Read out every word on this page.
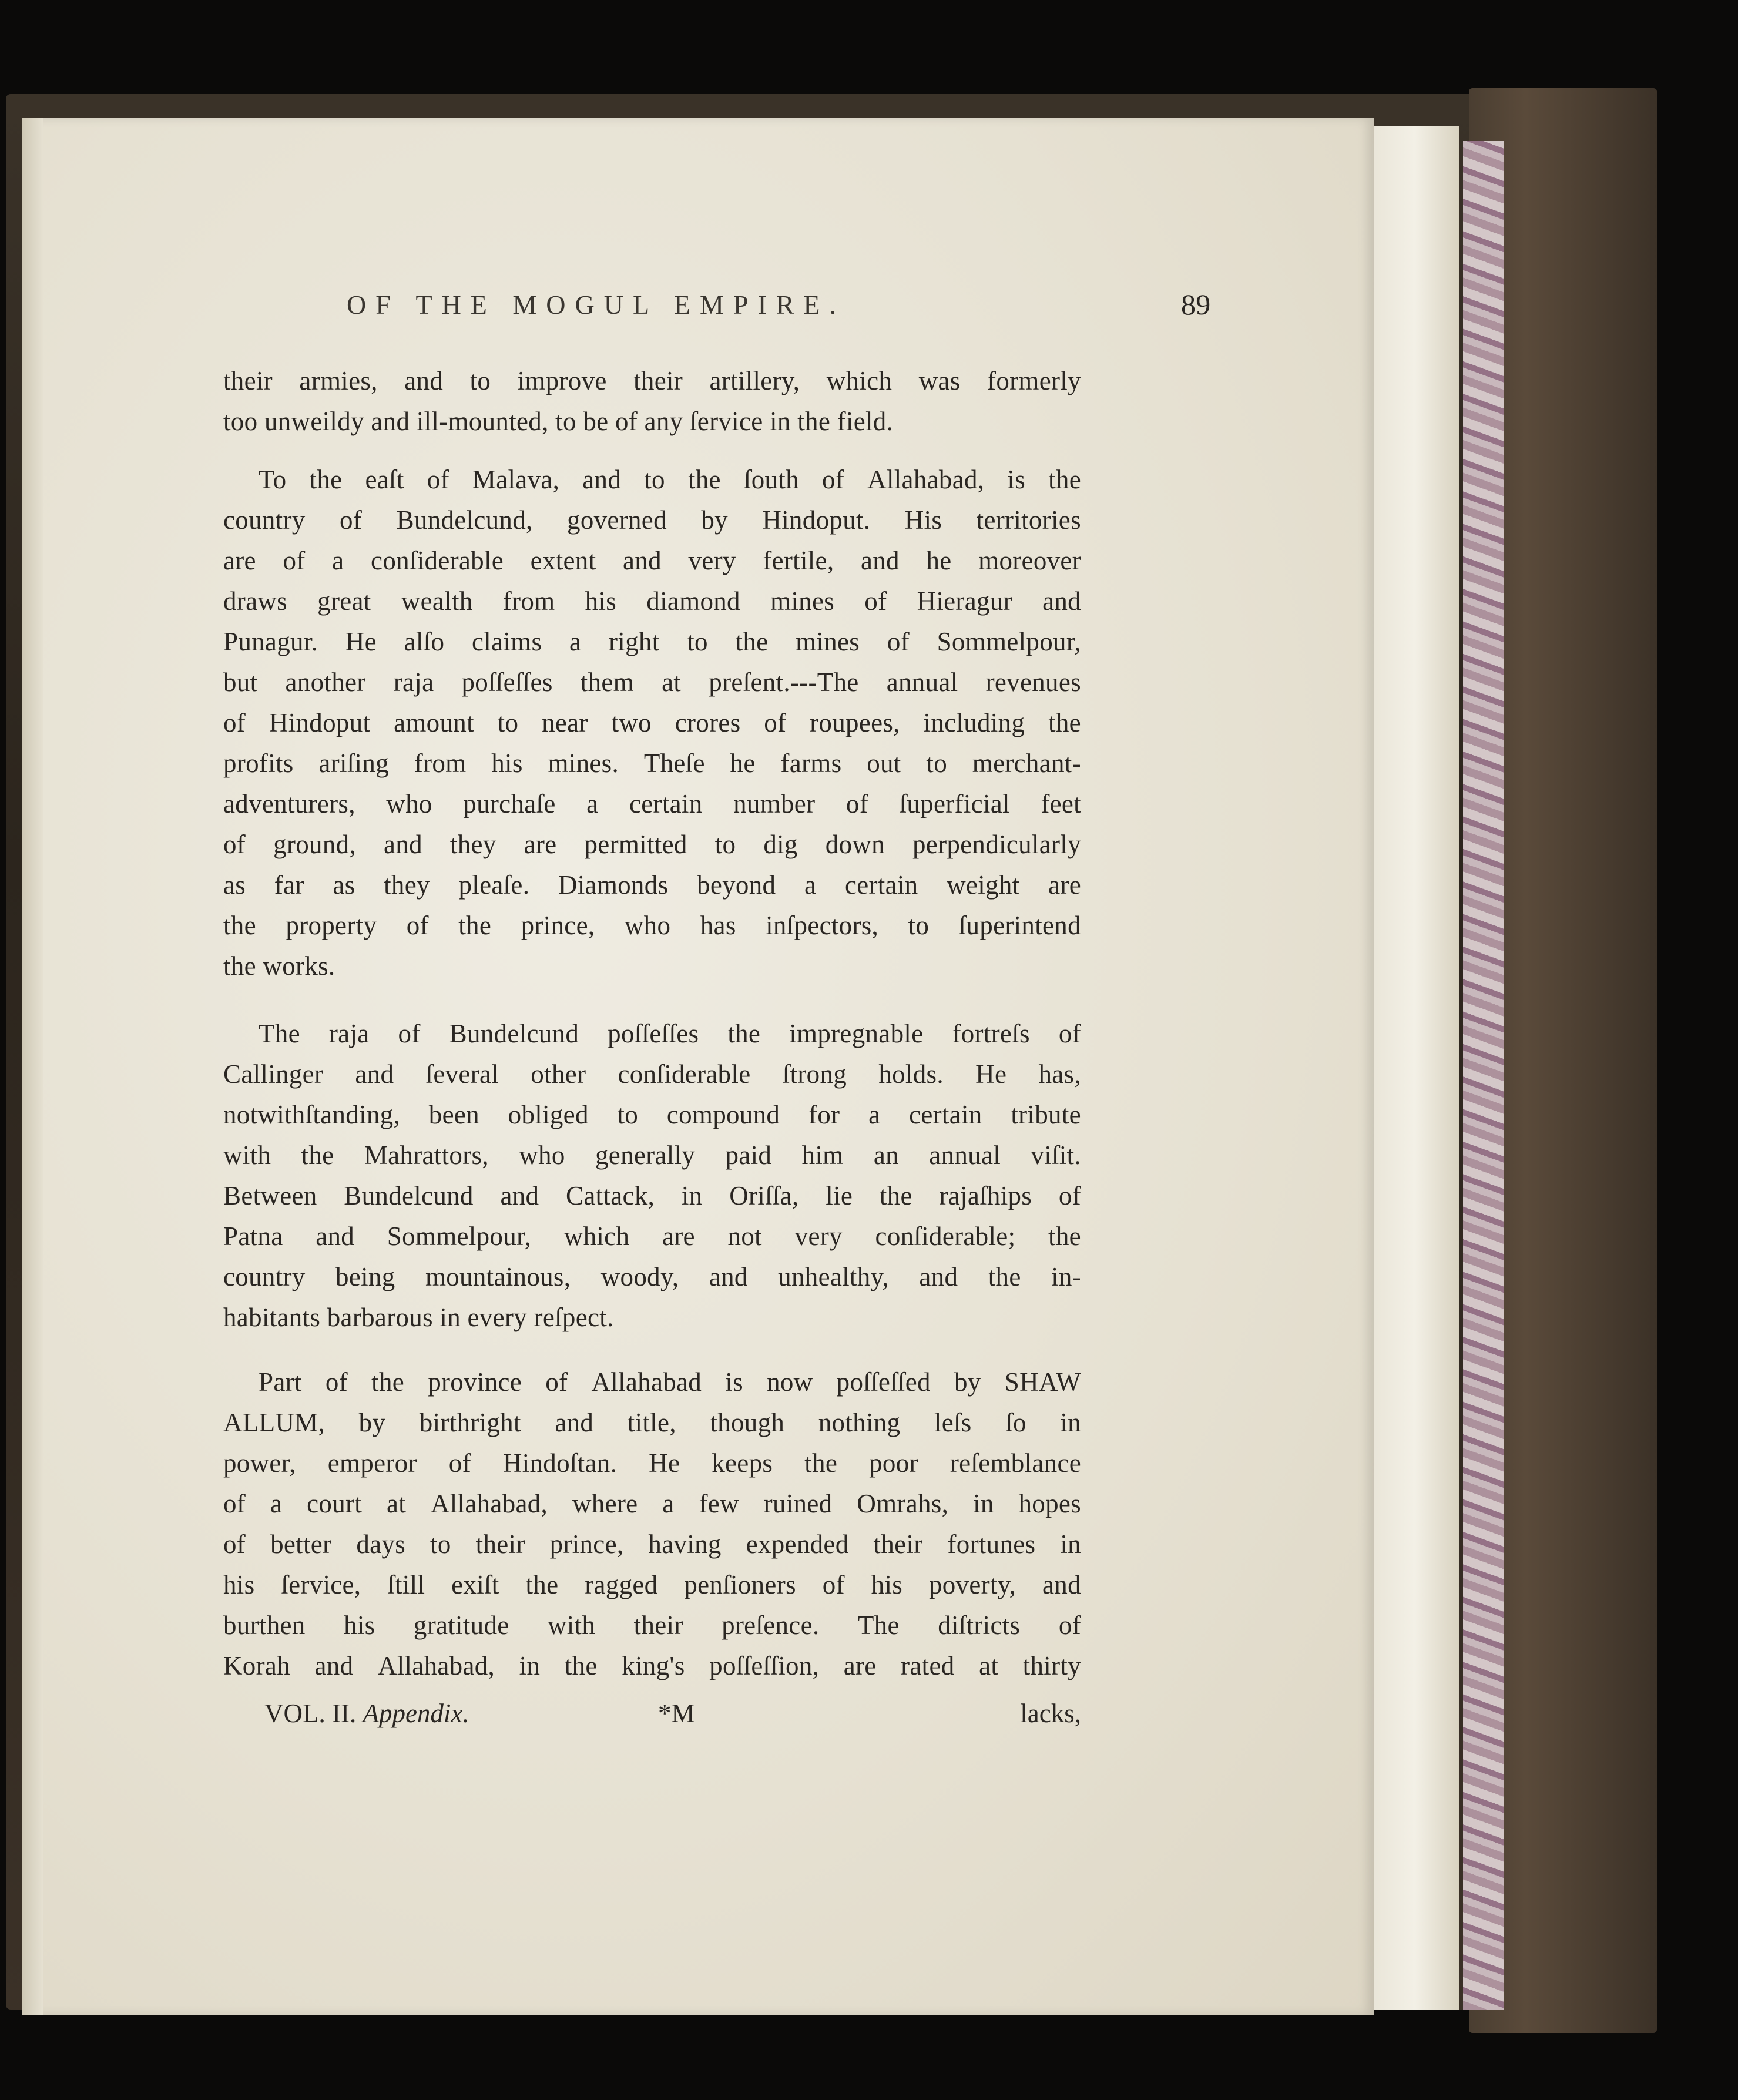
OF THE MOGUL EMPIRE.	89
their armies, and to improve their artillery, which was formerly
too unweildy and ill-mounted, to be of any ſervice in the field.
To the eaſt of Malava, and to the ſouth of Allahabad, is the
country of Bundelcund, governed by Hindoput. His territories
are of a conſiderable extent and very fertile, and he moreover
draws great wealth from his diamond mines of Hieragur and
Punagur. He alſo claims a right to the mines of Sommelpour,
but another raja poſſeſſes them at preſent.---The annual revenues
of Hindoput amount to near two crores of roupees, including the
profits ariſing from his mines. Theſe he farms out to merchant-
adventurers, who purchaſe a certain number of ſuperficial feet
of ground, and they are permitted to dig down perpendicularly
as far as they pleaſe. Diamonds beyond a certain weight are
the property of the prince, who has inſpectors, to ſuperintend
the works.
The raja of Bundelcund poſſeſſes the impregnable fortreſs of
Callinger and ſeveral other conſiderable ſtrong holds. He has,
notwithſtanding, been obliged to compound for a certain tribute
with the Mahrattors, who generally paid him an annual viſit.
Between Bundelcund and Cattack, in Oriſſa, lie the rajaſhips of
Patna and Sommelpour, which are not very conſiderable; the
country being mountainous, woody, and unhealthy, and the in-
habitants barbarous in every reſpect.
Part of the province of Allahabad is now poſſeſſed by SHAW
ALLUM, by birthright and title, though nothing leſs ſo in
power, emperor of Hindoſtan. He keeps the poor reſemblance
of a court at Allahabad, where a few ruined Omrahs, in hopes
of better days to their prince, having expended their fortunes in
his ſervice, ſtill exiſt the ragged penſioners of his poverty, and
burthen his gratitude with their preſence. The diſtricts of
Korah and Allahabad, in the king's poſſeſſion, are rated at thirty
VOL. II. Appendix.	*M	lacks,
